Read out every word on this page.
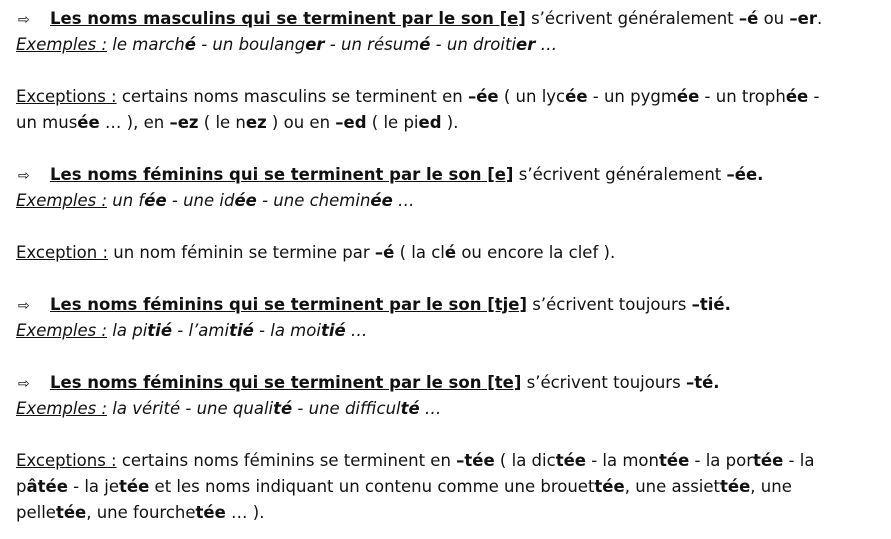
⇨ Les noms masculins qui se terminent par le son [e] s’écrivent généralement –é ou –er.
Exemples : le marché - un boulanger - un résumé - un droitier …
Exceptions : certains noms masculins se terminent en –ée ( un lycée - un pygmée - un trophée -
un musée … ), en –ez ( le nez ) ou en –ed ( le pied ).
⇨ Les noms féminins qui se terminent par le son [e] s’écrivent généralement –ée.
Exemples : un fée - une idée - une cheminée …
Exception : un nom féminin se termine par –é ( la clé ou encore la clef ).
⇨ Les noms féminins qui se terminent par le son [tje] s’écrivent toujours –tié.
Exemples : la pitié - l’amitié - la moitié …
⇨ Les noms féminins qui se terminent par le son [te] s’écrivent toujours –té.
Exemples : la vérité - une qualité - une difficulté …
Exceptions : certains noms féminins se terminent en –tée ( la dictée - la montée - la portée - la
pâtée - la jetée et les noms indiquant un contenu comme une brouettée, une assiettée, une
pelletée, une fourchetée … ).
